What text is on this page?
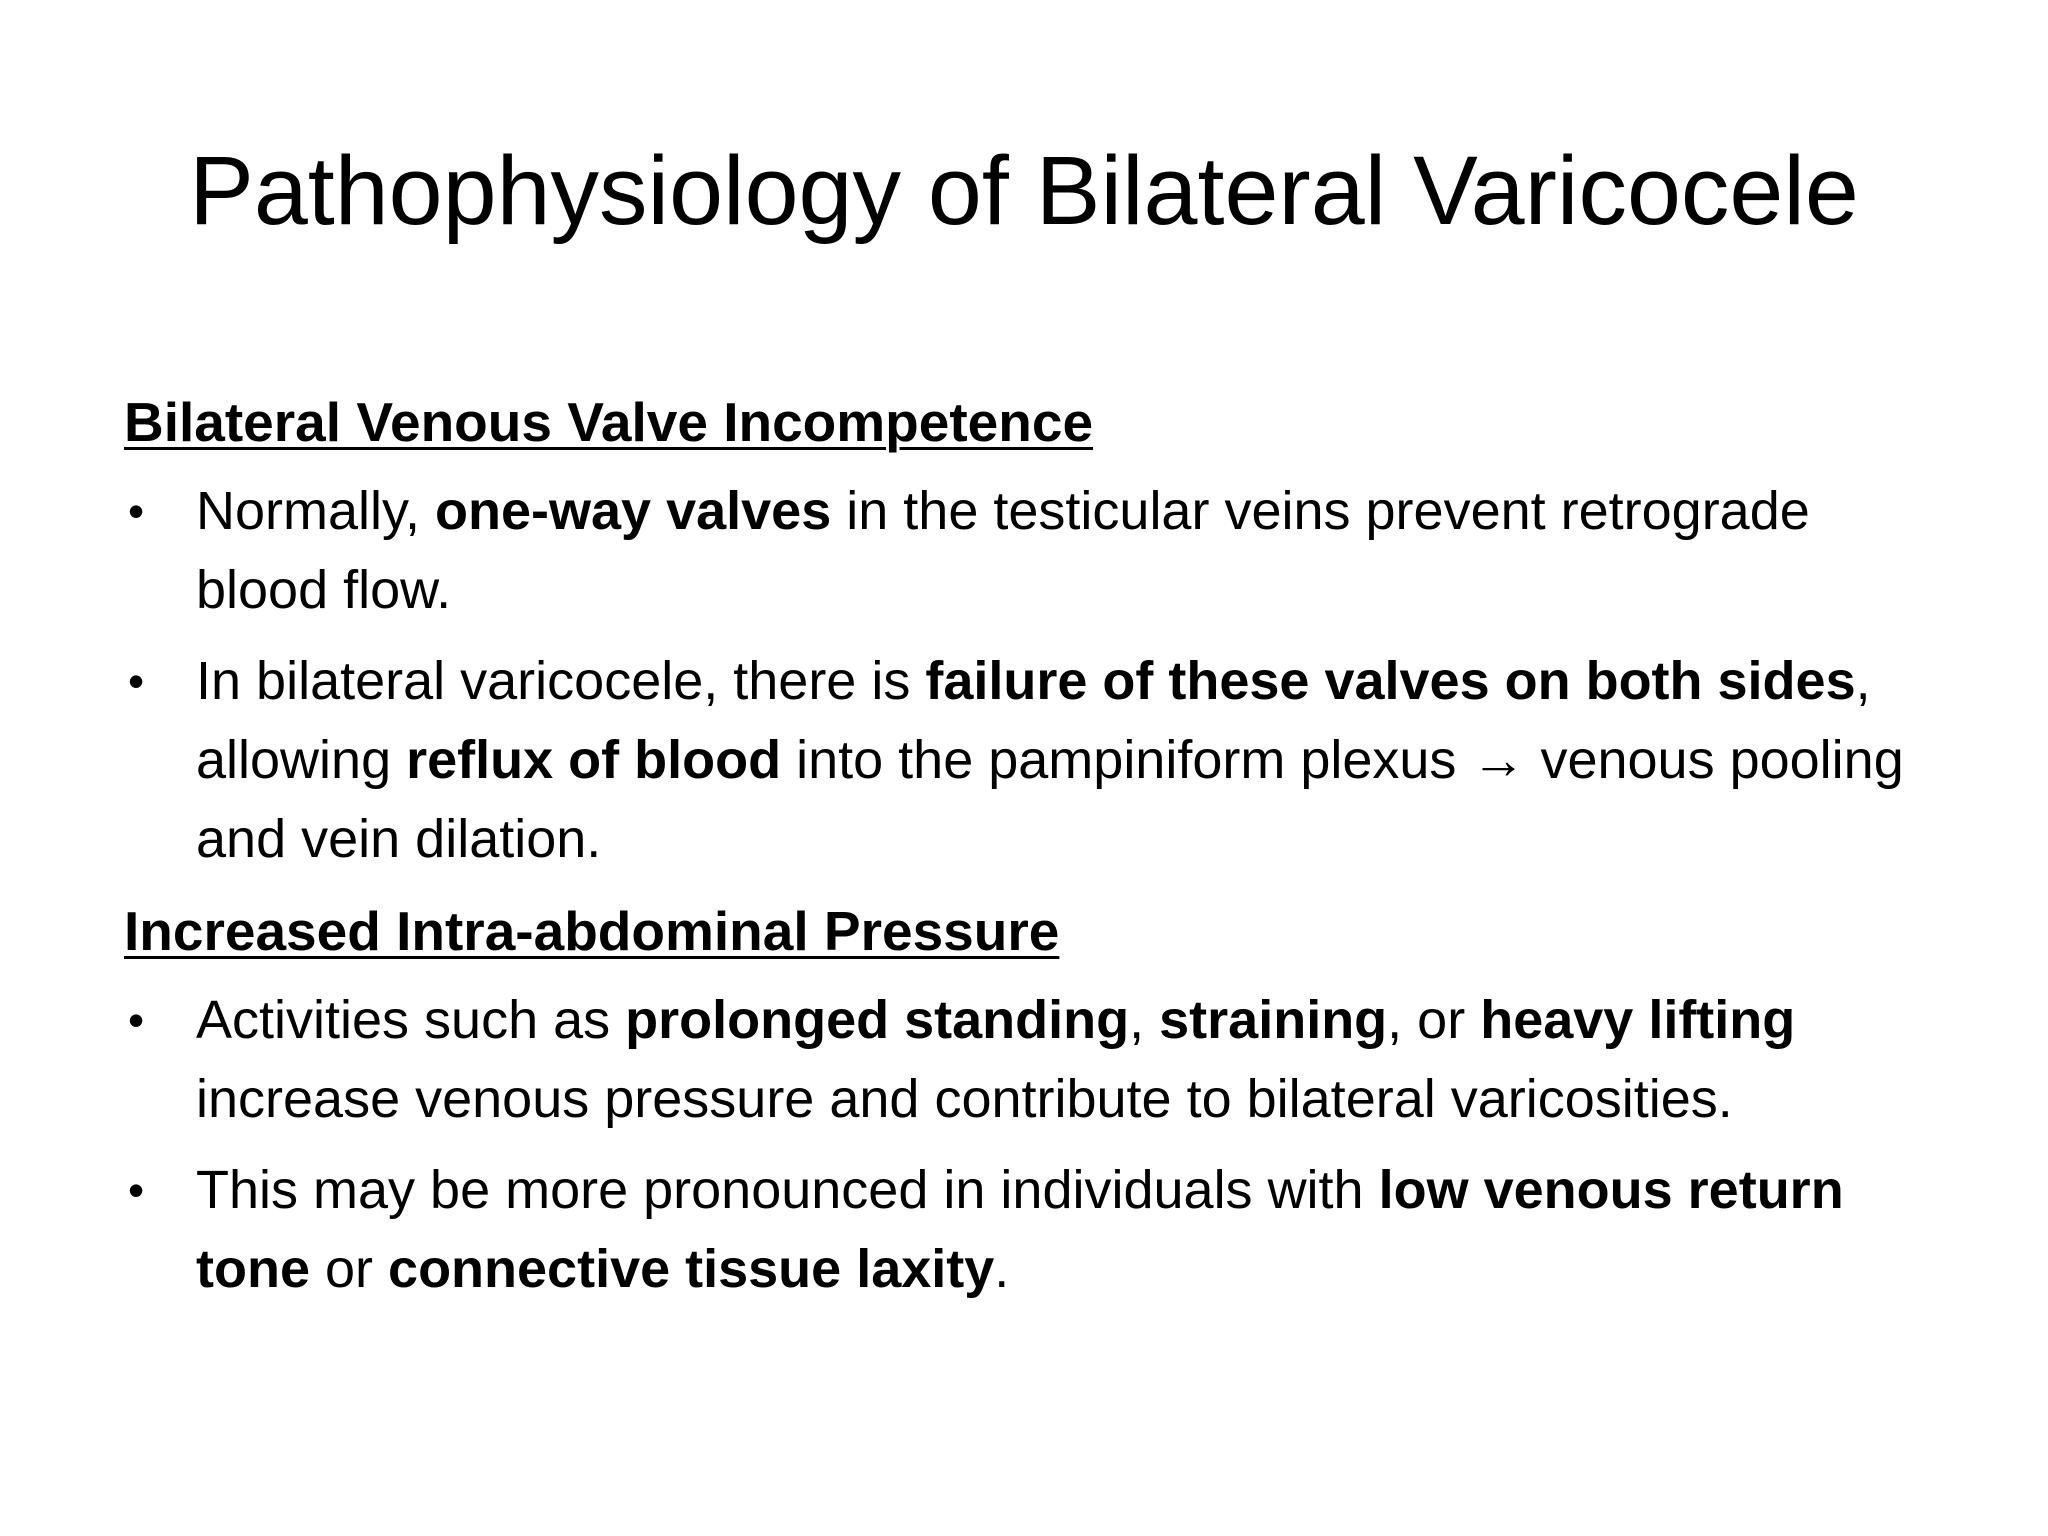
Pathophysiology of Bilateral Varicocele
Bilateral Venous Valve Incompetence
• Normally, one-way valves in the testicular veins prevent retrograde blood flow.
• In bilateral varicocele, there is failure of these valves on both sides, allowing reflux of blood into the pampiniform plexus → venous pooling and vein dilation.
Increased Intra-abdominal Pressure
• Activities such as prolonged standing, straining, or heavy lifting increase venous pressure and contribute to bilateral varicosities.
• This may be more pronounced in individuals with low venous return tone or connective tissue laxity.
